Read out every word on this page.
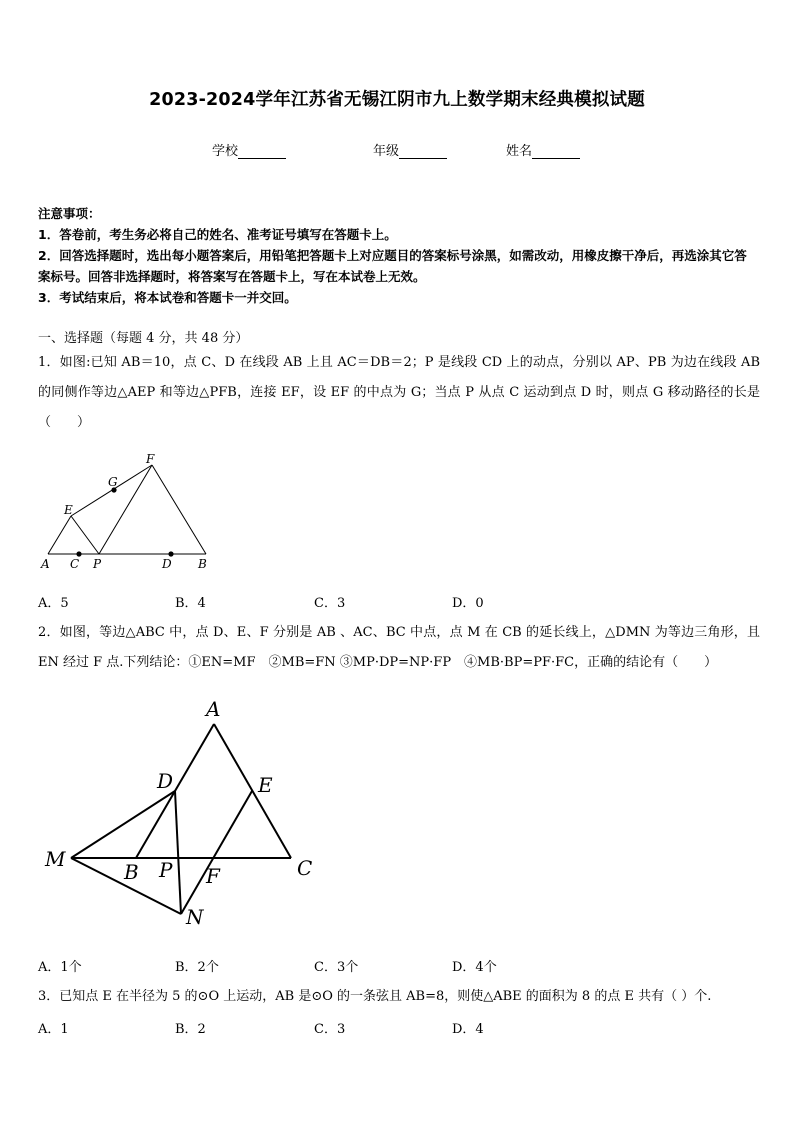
2023-2024学年江苏省无锡江阴市九上数学期末经典模拟试题
学校	年级	姓名

注意事项：

1．答卷前，考生务必将自己的姓名、准考证号填写在答题卡上。

2．回答选择题时，选出每小题答案后，用铅笔把答题卡上对应题目的答案标号涂黑，如需改动，用橡皮擦干净后，再选涂其它答案标号。回答非选择题时，将答案写在答题卡上，写在本试卷上无效。

3．考试结束后，将本试卷和答题卡一并交回。

一、选择题（每题 4 分，共 48 分）
1．如图:已知 AB＝10，点 C、D 在线段 AB 上且 AC＝DB＝2；P 是线段 CD 上的动点，分别以 AP、PB 为边在线段 AB 的同侧作等边△AEP 和等边△PFB，连接 EF，设 EF 的中点为 G；当点 P 从点 C 运动到点 D 时，则点 G 移动路径的长是（　　）
A C P	D B
E
G
F
A．5	B．4	C．3	D．0
2．如图，等边△ABC 中，点 D、E、F 分别是 AB 、AC、BC 中点，点 M 在 CB 的延长线上，△DMN 为等边三角形，且 EN 经过 F 点.下列结论：①EN=MF　②MB=FN ③MP·DP=NP·FP　④MB·BP=PF·FC，正确的结论有（　　）
A
D	E
M
B P F	C
N
A．1个	B．2个	C．3个	D．4个
3．已知点 E 在半径为 5 的⊙O 上运动，AB 是⊙O 的一条弦且 AB=8，则使△ABE 的面积为 8 的点 E 共有（ ）个.
A．1	B．2	C．3	D．4
